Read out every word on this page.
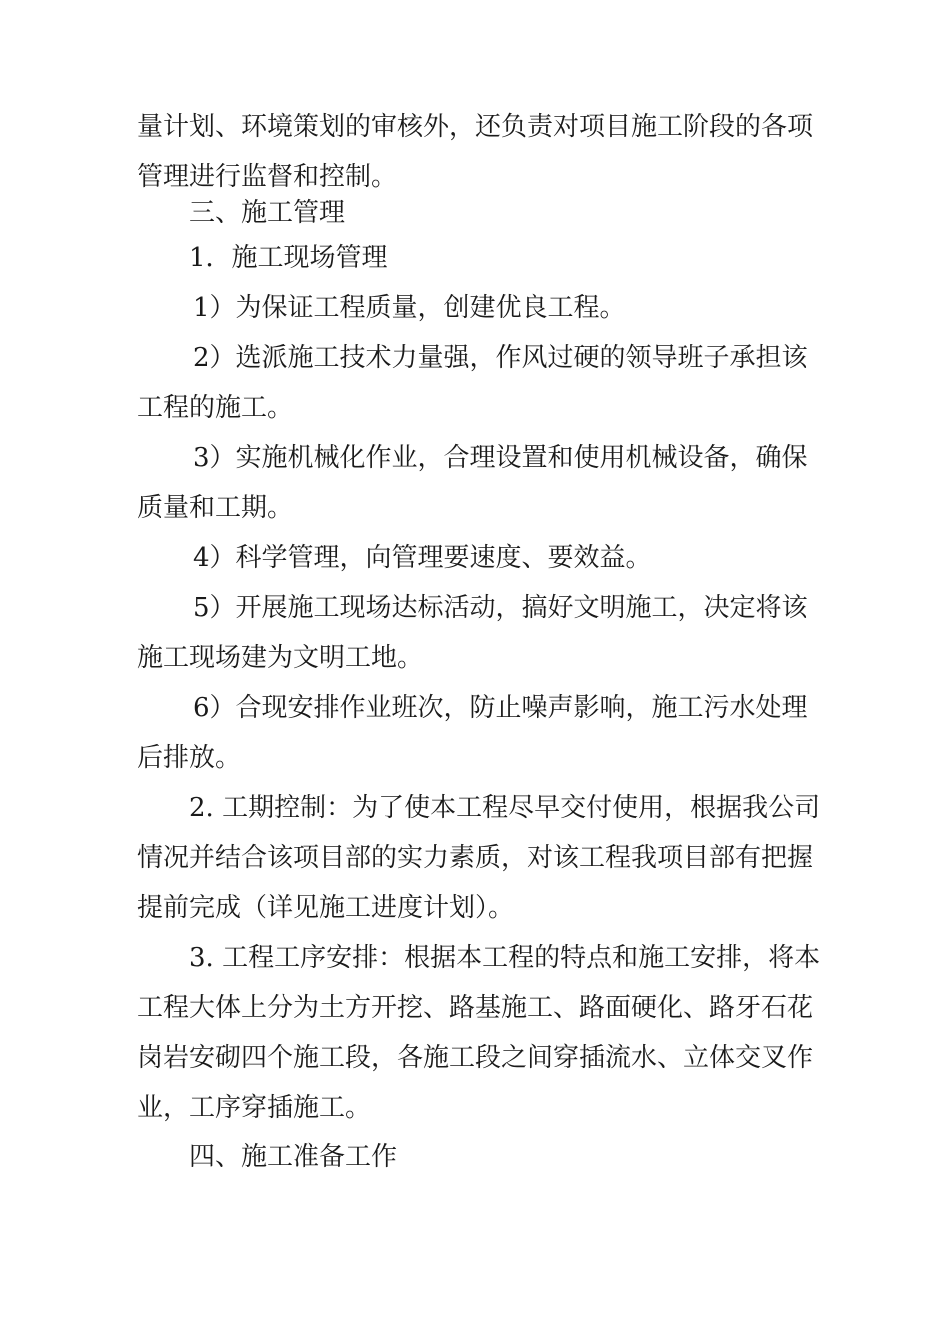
量计划、环境策划的审核外，还负责对项目施工阶段的各项
管理进行监督和控制。
三、施工管理
1．施工现场管理
1）为保证工程质量，创建优良工程。
2）选派施工技术力量强，作风过硬的领导班子承担该
工程的施工。
3）实施机械化作业，合理设置和使用机械设备，确保
质量和工期。
4）科学管理，向管理要速度、要效益。
5）开展施工现场达标活动，搞好文明施工，决定将该
施工现场建为文明工地。
6）合现安排作业班次，防止噪声影响，施工污水处理
后排放。
2. 工期控制：为了使本工程尽早交付使用，根据我公司
情况并结合该项目部的实力素质，对该工程我项目部有把握
提前完成（详见施工进度计划）。
3. 工程工序安排：根据本工程的特点和施工安排，将本
工程大体上分为土方开挖、路基施工、路面硬化、路牙石花
岗岩安砌四个施工段，各施工段之间穿插流水、立体交叉作
业，工序穿插施工。
四、施工准备工作
